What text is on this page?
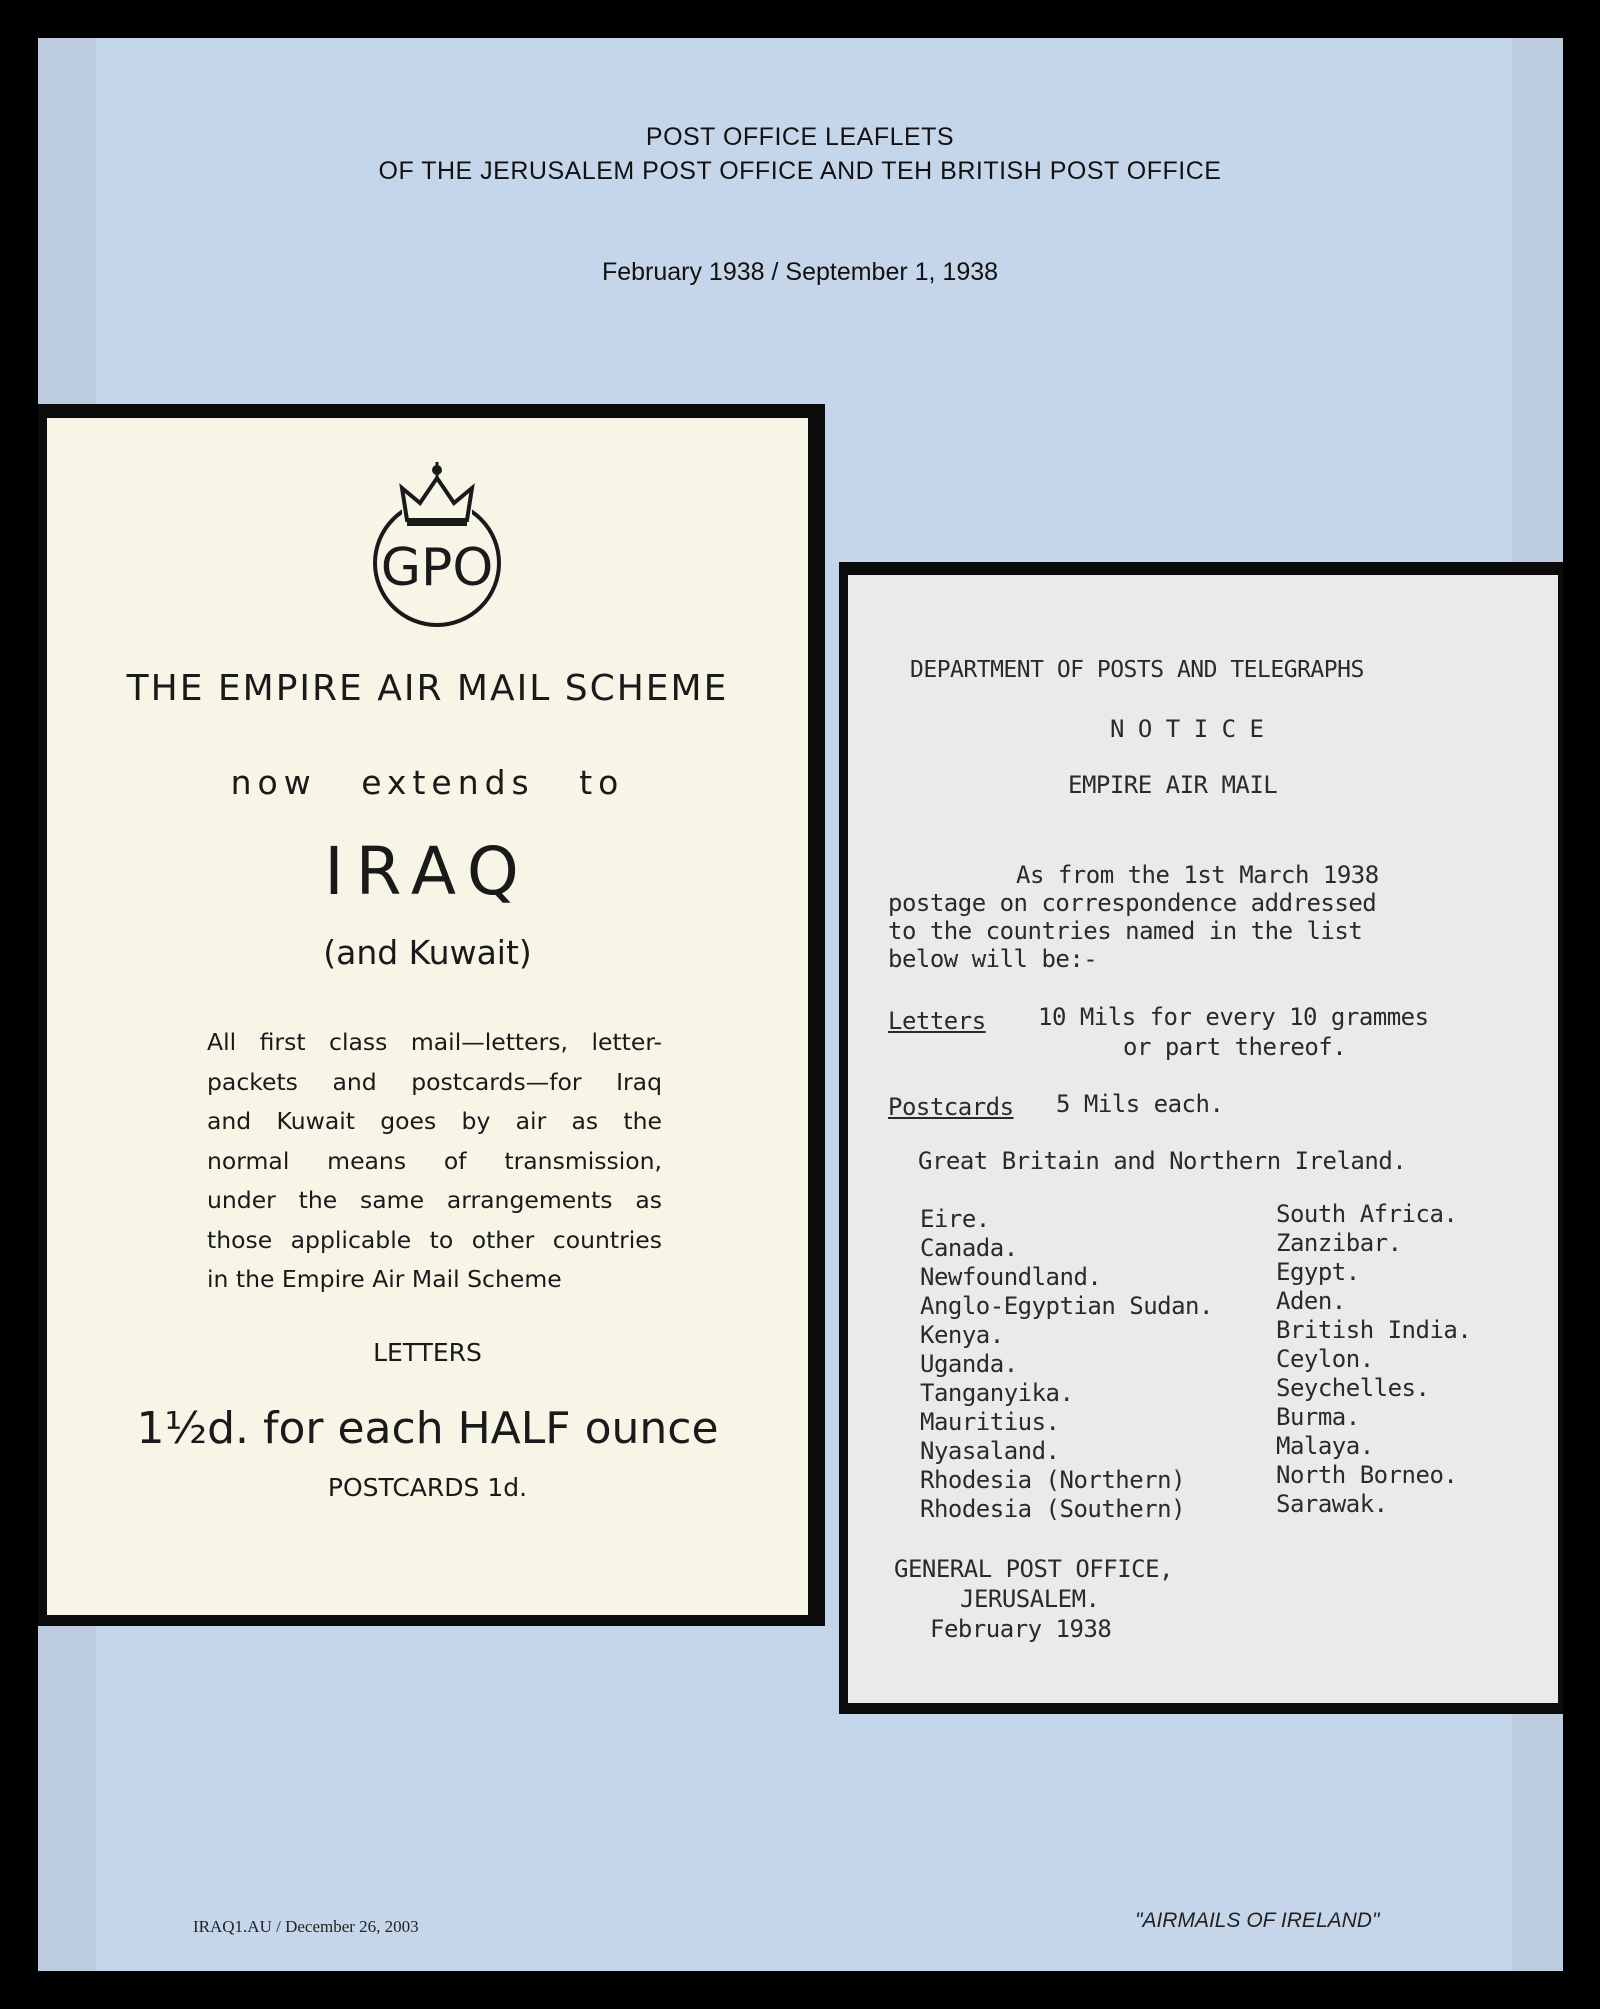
POST OFFICE LEAFLETS
OF THE JERUSALEM POST OFFICE AND TEH BRITISH POST OFFICE
February 1938 / September 1, 1938
GPO
THE EMPIRE AIR MAIL SCHEME
now extends to
IRAQ
(and Kuwait)
All first class mail—letters, letter-
packets and postcards—for Iraq
and Kuwait goes by air as the
normal means of transmission,
under the same arrangements as
those applicable to other countries
in the Empire Air Mail Scheme
LETTERS
1½d. for each HALF ounce
POSTCARDS 1d.
DEPARTMENT OF POSTS AND TELEGRAPHS
N O T I C E
EMPIRE AIR MAIL
As from the 1st March 1938
postage on correspondence addressed
to the countries named in the list
below will be:-
Letters 10 Mils for every 10 grammes
or part thereof.
Postcards 5 Mils each.
Great Britain and Northern Ireland.

Eire.

Canada.

Newfoundland.

Anglo-Egyptian Sudan.

Kenya.

Uganda.

Tanganyika.

Mauritius.

Nyasaland.

Rhodesia (Northern)

Rhodesia (Southern)

South Africa.

Zanzibar.

Egypt.

Aden.

British India.

Ceylon.

Seychelles.

Burma.

Malaya.

North Borneo.

Sarawak.

GENERAL POST OFFICE,
JERUSALEM.
February 1938
IRAQ1.AU / December 26, 2003	"AIRMAILS OF IRELAND"
